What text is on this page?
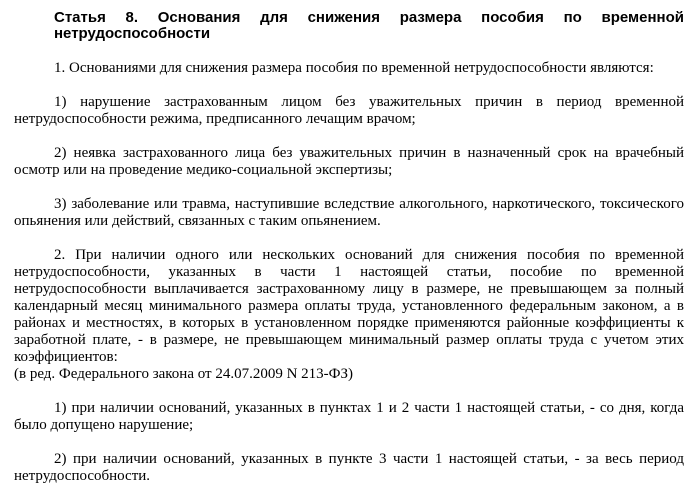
Статья 8. Основания для снижения размера пособия по временной нетрудоспособности

1. Основаниями для снижения размера пособия по временной нетрудоспособности являются:

1) нарушение застрахованным лицом без уважительных причин в период временной нетрудоспособности режима, предписанного лечащим врачом;

2) неявка застрахованного лица без уважительных причин в назначенный срок на врачебный осмотр или на проведение медико-социальной экспертизы;

3) заболевание или травма, наступившие вследствие алкогольного, наркотического, токсического опьянения или действий, связанных с таким опьянением.

2. При наличии одного или нескольких оснований для снижения пособия по временной нетрудоспособности, указанных в части 1 настоящей статьи, пособие по временной нетрудоспособности выплачивается застрахованному лицу в размере, не превышающем за полный календарный месяц минимального размера оплаты труда, установленного федеральным законом, а в районах и местностях, в которых в установленном порядке применяются районные коэффициенты к заработной плате, - в размере, не превышающем минимальный размер оплаты труда с учетом этих коэффициентов:

(в ред. Федерального закона от 24.07.2009 N 213-ФЗ)

1) при наличии оснований, указанных в пунктах 1 и 2 части 1 настоящей статьи, - со дня, когда было допущено нарушение;

2) при наличии оснований, указанных в пункте 3 части 1 настоящей статьи, - за весь период нетрудоспособности.
